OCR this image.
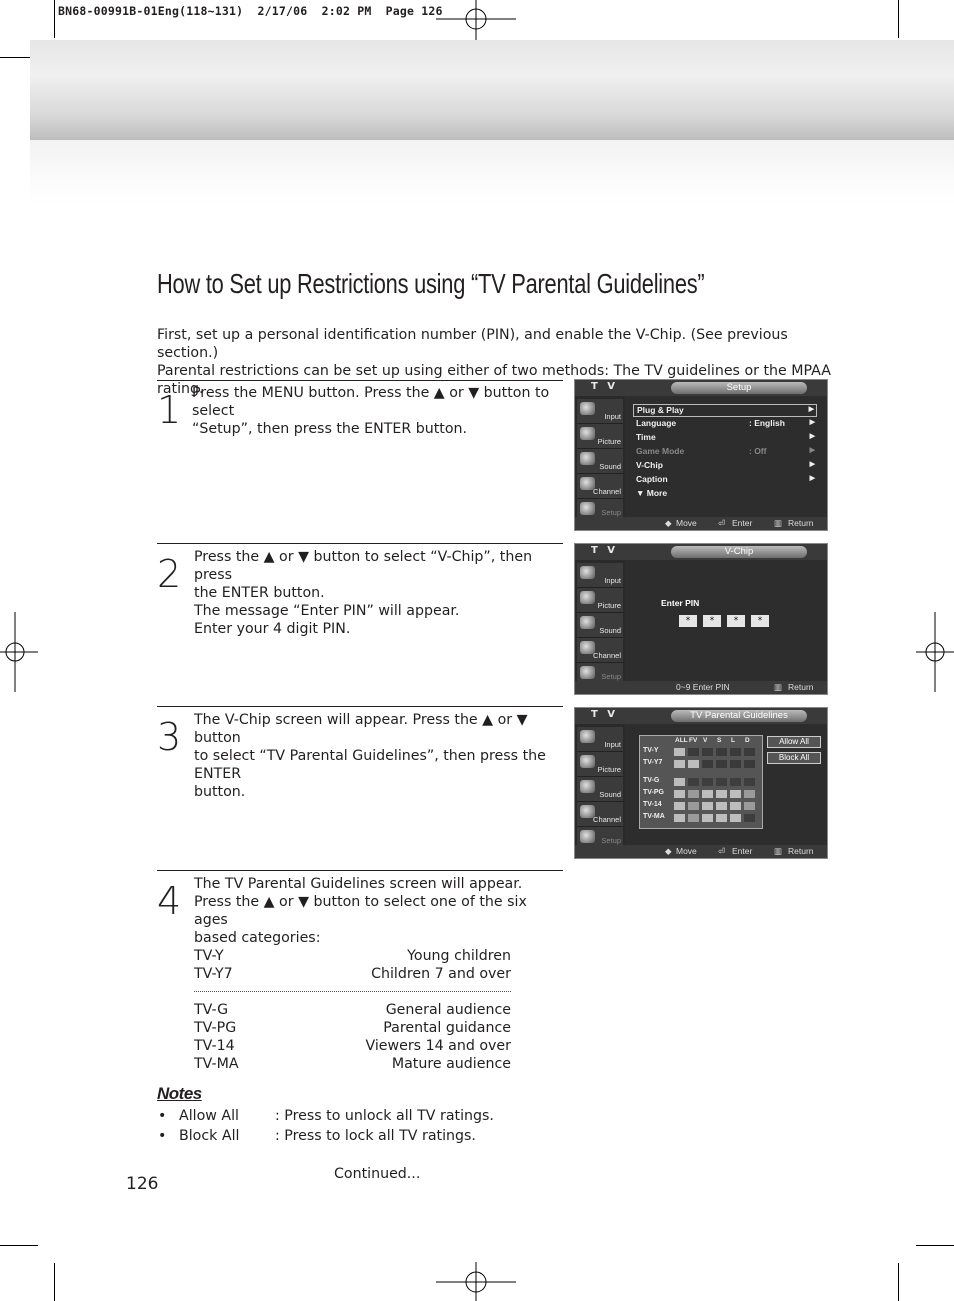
BN68-00991B-01Eng(118~131)  2/17/06  2:02 PM  Page 126
How to Set up Restrictions using “TV Parental Guidelines”
First, set up a personal identification number (PIN), and enable the V-Chip. (See previous section.)
Parental restrictions can be set up using either of two methods: The TV guidelines or the MPAA rating.
1 Press the MENU button. Press the ▲ or ▼ button to select
“Setup”, then press the ENTER button.
T V	Setup
Input
Picture
Sound
Channel
Setup
Plug & Play	▶
Language	: English	▶
Time	▶
Game Mode	: Off	▶
V-Chip	▶
Caption	▶
▼ More
◆ Move ⏎ Enter	▥ Return
2 Press the ▲ or ▼ button to select “V-Chip”, then press
the ENTER button.
The message “Enter PIN” will appear.
Enter your 4 digit PIN.
T V	V-Chip
Input
Picture
Sound
Channel
Setup
Enter PIN
*	*	*	*
0~9 Enter PIN	▥ Return
3 The V-Chip screen will appear. Press the ▲ or ▼ button
to select “TV Parental Guidelines”, then press the ENTER
button.
T V	TV Parental Guidelines
Input
Picture
Sound
Channel
Setup
Allow All
Block All
ALL FV V S L D
TV-Y
TV-Y7
TV-G
TV-PG
TV-14
TV-MA
◆ Move ⏎ Enter	▥ Return
4 The TV Parental Guidelines screen will appear.
Press the ▲ or ▼ button to select one of the six ages
based categories:
TV-Y	Young children
TV-Y7	Children 7 and over
TV-G	General audience
TV-PG	Parental guidance
TV-14	Viewers 14 and over
TV-MA	Mature audience
Notes
• Allow All	: Press to unlock all TV ratings.
• Block All	: Press to lock all TV ratings.
Continued...
126
